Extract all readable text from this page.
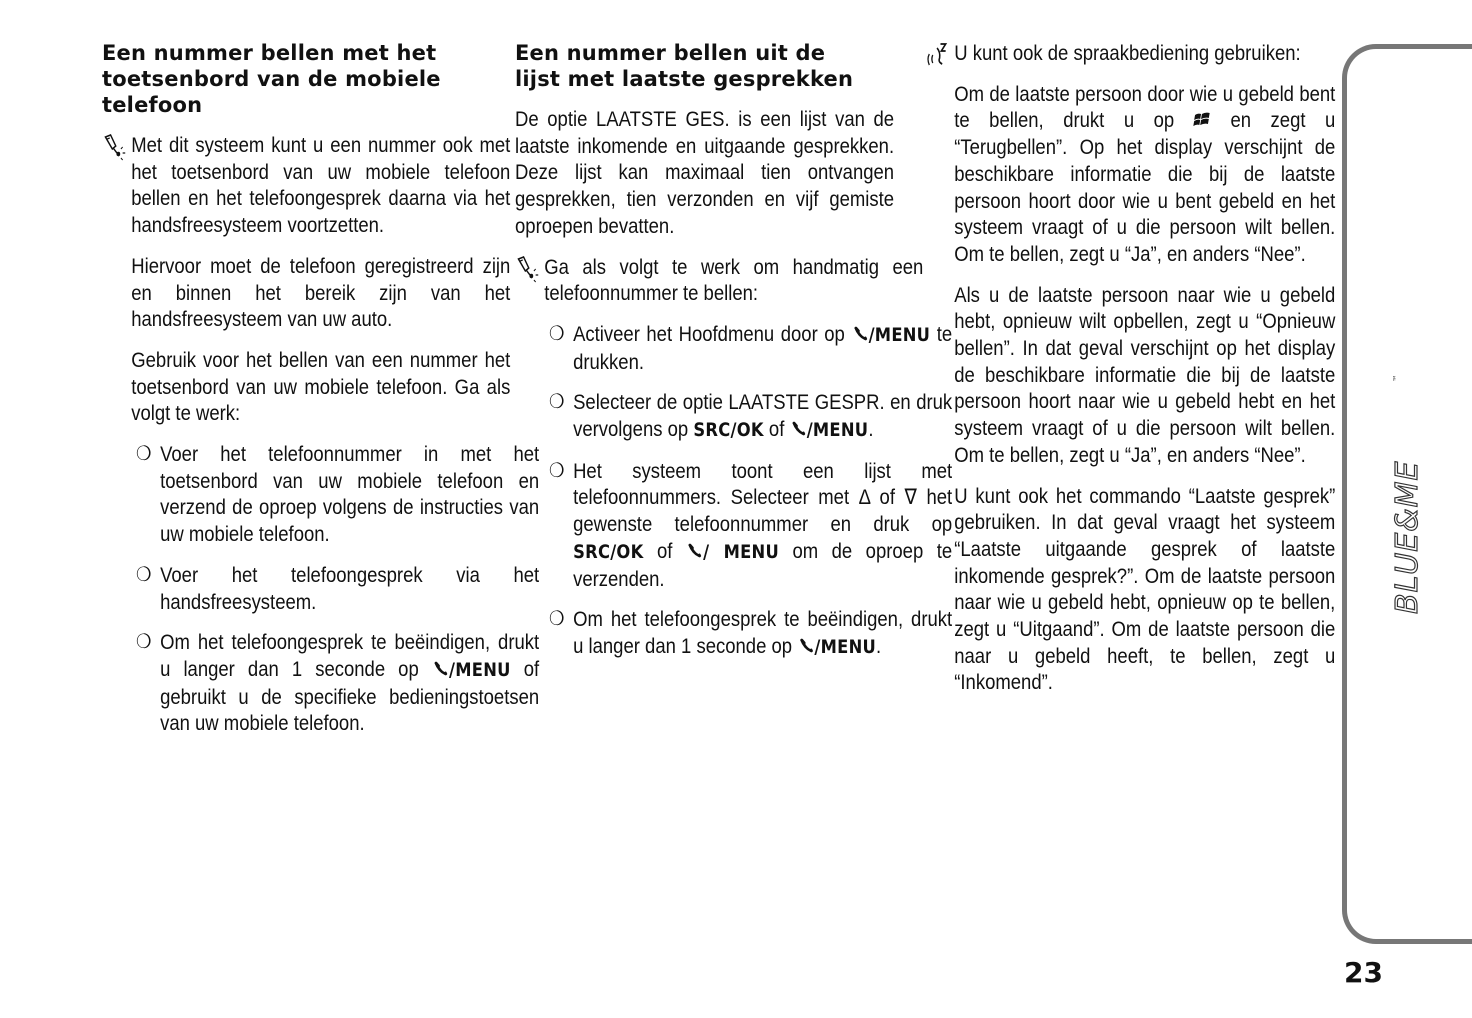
Een nummer bellen met het
toetsenbord van de mobiele
telefoon
Met dit systeem kunt u een nummer ook met het toetsenbord van uw mobiele telefoon bellen en het telefoongesprek daarna via het handsfreesysteem voortzetten.
Hiervoor moet de telefoon geregistreerd zijn en binnen het bereik zijn van het handsfreesysteem van uw auto.
Gebruik voor het bellen van een nummer het toetsenbord van uw mobiele telefoon. Ga als volgt te werk:
❍ Voer het telefoonnummer in met het toetsenbord van uw mobiele telefoon en verzend de oproep volgens de instructies van uw mobiele telefoon.
❍ Voer het telefoongesprek via het handsfreesysteem.
❍ Om het telefoongesprek te beëindigen, drukt u langer dan 1 seconde op /MENU of gebruikt u de specifieke bedieningstoetsen van uw mobiele telefoon.
Een nummer bellen uit de
lijst met laatste gesprekken
De optie LAATSTE GES. is een lijst van de laatste inkomende en uitgaande gesprekken. Deze lijst kan maximaal tien ontvangen gesprekken, tien verzonden en vijf gemiste oproepen bevatten.
Ga als volgt te werk om handmatig een telefoonnummer te bellen:
❍ Activeer het Hoofdmenu door op /MENU te drukken.
❍ Selecteer de optie LAATSTE GESPR. en druk vervolgens op SRC/OK of /MENU.
❍ Het systeem toont een lijst met telefoonnummers. Selecteer met Δ of ∇ het gewenste telefoonnummer en druk op SRC/OK of / MENU om de oproep te verzenden.
❍ Om het telefoongesprek te beëindigen, drukt u langer dan 1 seconde op /MENU.
U kunt ook de spraakbediening gebruiken:
Om de laatste persoon door wie u gebeld bent te bellen, drukt u op	en zegt u “Terugbellen”. Op het display verschijnt de beschikbare informatie die bij de laatste persoon hoort door wie u bent gebeld en het systeem vraagt of u die persoon wilt bellen. Om te bellen, zegt u “Ja”, en anders “Nee”.
Als u de laatste persoon naar wie u gebeld hebt, opnieuw wilt opbellen, zegt u “Opnieuw bellen”. In dat geval verschijnt op het display de beschikbare informatie die bij de laatste persoon hoort naar wie u gebeld hebt en het systeem vraagt of u die persoon wilt bellen. Om te bellen, zegt u “Ja”, en anders “Nee”.
U kunt ook het commando “Laatste gesprek” gebruiken. In dat geval vraagt het systeem “Laatste uitgaande gesprek of laatste inkomende gesprek?”. Om de laatste persoon naar wie u gebeld hebt, opnieuw op te bellen, zegt u “Uitgaand”. Om de laatste persoon die naar u gebeld heeft, te bellen, zegt u “Inkomend”.
BLUE&ME
™
23
